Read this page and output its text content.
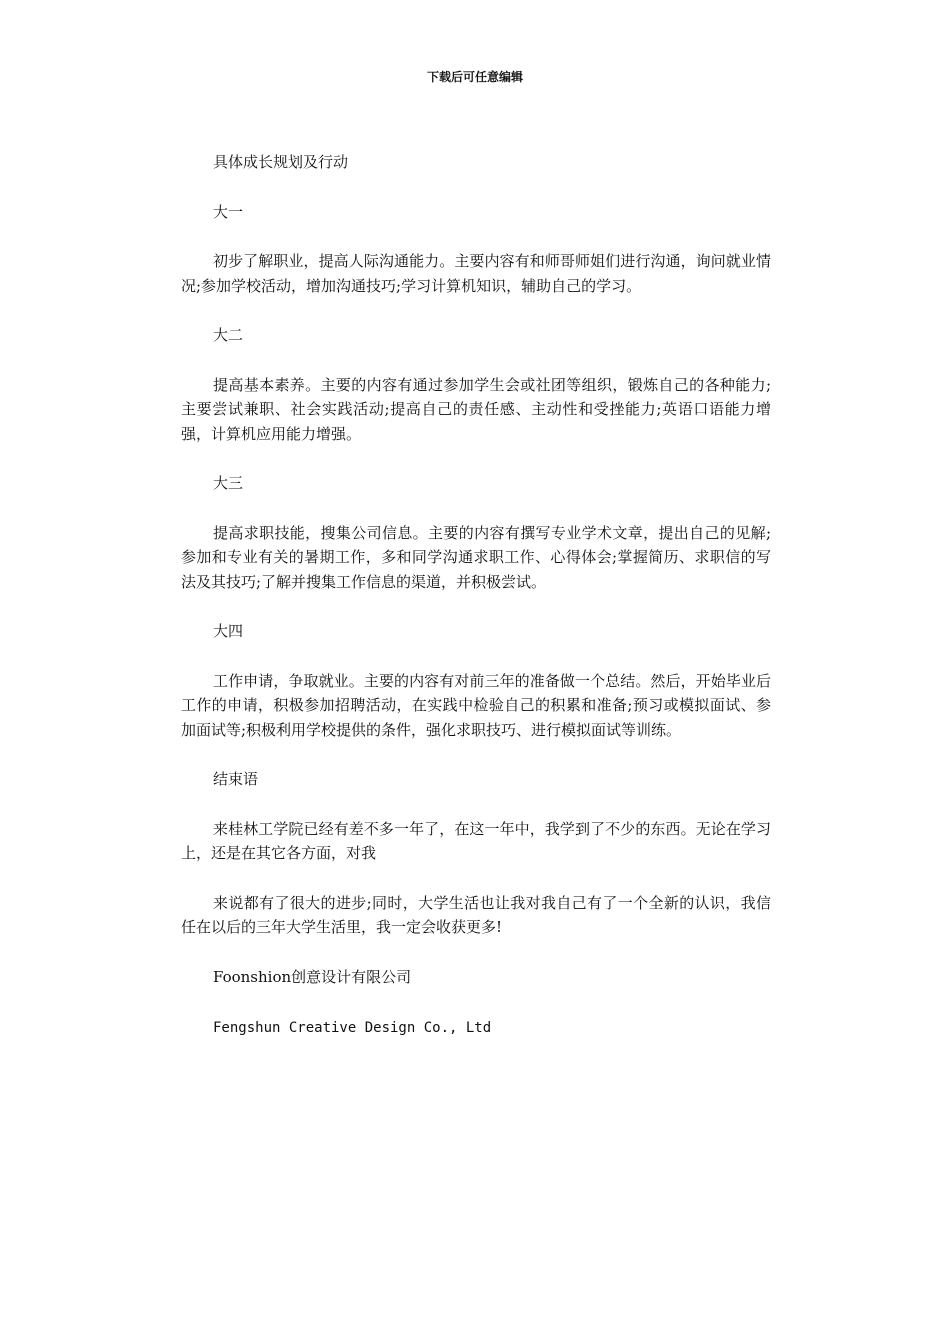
下载后可任意编辑

具体成长规划及行动

大一

初步了解职业，提高人际沟通能力。主要内容有和师哥师姐们进行沟通，询问就业情况;参加学校活动，增加沟通技巧;学习计算机知识，辅助自己的学习。

大二

提高基本素养。主要的内容有通过参加学生会或社团等组织，锻炼自己的各种能力;主要尝试兼职、社会实践活动;提高自己的责任感、主动性和受挫能力;英语口语能力增强，计算机应用能力增强。

大三

提高求职技能，搜集公司信息。主要的内容有撰写专业学术文章，提出自己的见解;参加和专业有关的暑期工作，多和同学沟通求职工作、心得体会;掌握简历、求职信的写法及其技巧;了解并搜集工作信息的渠道，并积极尝试。

大四

工作申请，争取就业。主要的内容有对前三年的准备做一个总结。然后，开始毕业后工作的申请，积极参加招聘活动，在实践中检验自己的积累和准备;预习或模拟面试、参加面试等;积极利用学校提供的条件，强化求职技巧、进行模拟面试等训练。

结束语

来桂林工学院已经有差不多一年了，在这一年中，我学到了不少的东西。无论在学习上，还是在其它各方面，对我

来说都有了很大的进步;同时，大学生活也让我对我自己有了一个全新的认识，我信任在以后的三年大学生活里，我一定会收获更多!

Foonshion创意设计有限公司

Fengshun Creative Design Co., Ltd
